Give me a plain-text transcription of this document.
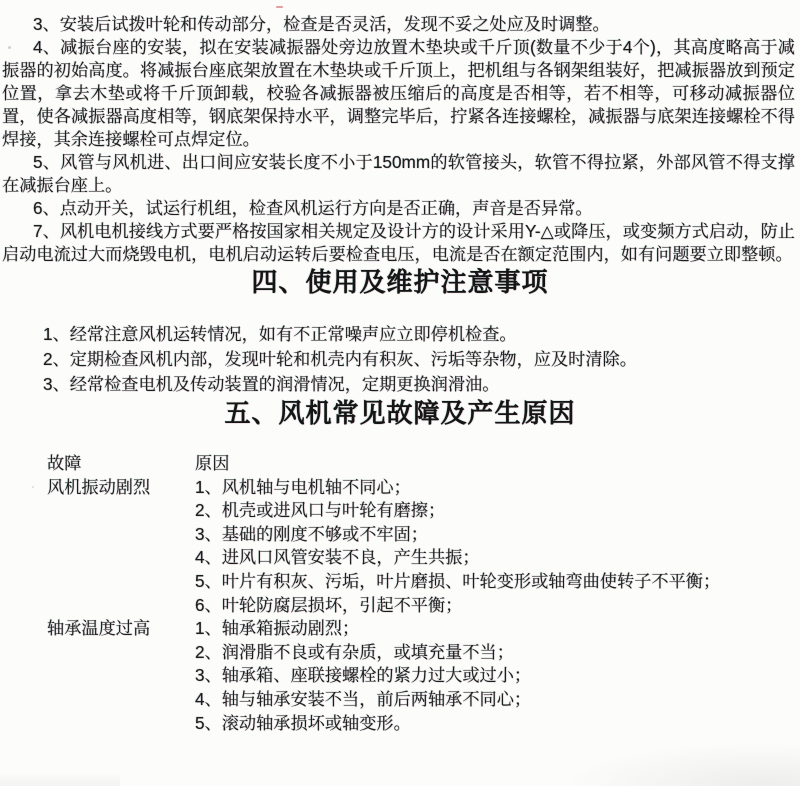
3、安装后试拨叶轮和传动部分，检查是否灵活，发现不妥之处应及时调整。

4、减振台座的安装，拟在安装减振器处旁边放置木垫块或千斤顶(数量不少于4个)，其高度略高于减振器的初始高度。将减振台座底架放置在木垫块或千斤顶上，把机组与各钢架组装好，把减振器放到预定位置，拿去木垫或将千斤顶卸载，校验各减振器被压缩后的高度是否相等，若不相等，可移动减振器位置，使各减振器高度相等，钢底架保持水平，调整完毕后，拧紧各连接螺栓，减振器与底架连接螺栓不得焊接，其余连接螺栓可点焊定位。

5、风管与风机进、出口间应安装长度不小于150mm的软管接头，软管不得拉紧，外部风管不得支撑在减振台座上。

6、点动开关，试运行机组，检查风机运行方向是否正确，声音是否异常。

7、风机电机接线方式要严格按国家相关规定及设计方的设计采用Y-△或降压，或变频方式启动，防止启动电流过大而烧毁电机，电机启动运转后要检查电压，电流是否在额定范围内，如有问题要立即整顿。

四、使用及维护注意事项

1、经常注意风机运转情况，如有不正常噪声应立即停机检查。

2、定期检查风机内部，发现叶轮和机壳内有积灰、污垢等杂物，应及时清除。

3、经常检查电机及传动装置的润滑情况，定期更换润滑油。

五、风机常见故障及产生原因
故障	原因
风机振动剧烈	1、风机轴与电机轴不同心；

2、机壳或进风口与叶轮有磨擦；

3、基础的刚度不够或不牢固；

4、进风口风管安装不良，产生共振；

5、叶片有积灰、污垢，叶片磨损、叶轮变形或轴弯曲使转子不平衡；

6、叶轮防腐层损坏，引起不平衡；

轴承温度过高	1、轴承箱振动剧烈；

2、润滑脂不良或有杂质，或填充量不当；

3、轴承箱、座联接螺栓的紧力过大或过小；

4、轴与轴承安装不当，前后两轴承不同心；

5、滚动轴承损坏或轴变形。
